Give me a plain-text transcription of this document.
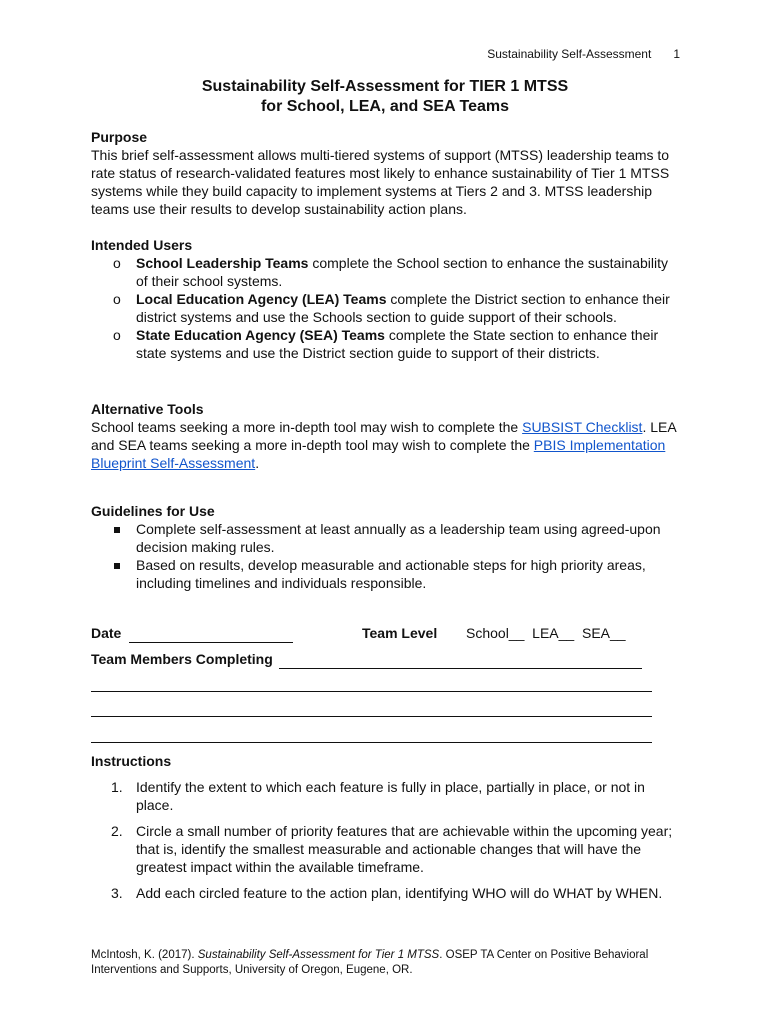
Sustainability Self-Assessment 1
Sustainability Self-Assessment for TIER 1 MTSS
for School, LEA, and SEA Teams
Purpose

This brief self-assessment allows multi-tiered systems of support (MTSS) leadership teams to rate status of research-validated features most likely to enhance sustainability of Tier 1 MTSS systems while they build capacity to implement systems at Tiers 2 and 3. MTSS leadership teams use their results to develop sustainability action plans.

Intended Users
o School Leadership Teams complete the School section to enhance the sustainability of their school systems.
o Local Education Agency (LEA) Teams complete the District section to enhance their district systems and use the Schools section to guide support of their schools.
o State Education Agency (SEA) Teams complete the State section to enhance their state systems and use the District section guide to support of their districts.
Alternative Tools

School teams seeking a more in-depth tool may wish to complete the SUBSIST Checklist. LEA and SEA teams seeking a more in-depth tool may wish to complete the PBIS Implementation Blueprint Self-Assessment.

Guidelines for Use
Complete self-assessment at least annually as a leadership team using agreed-upon decision making rules.
Based on results, develop measurable and actionable steps for high priority areas, including timelines and individuals responsible.
Date	Team Level School__ LEA__ SEA__
Team Members Completing
Instructions
1. Identify the extent to which each feature is fully in place, partially in place, or not in place.
2. Circle a small number of priority features that are achievable within the upcoming year; that is, identify the smallest measurable and actionable changes that will have the greatest impact within the available timeframe.
3. Add each circled feature to the action plan, identifying WHO will do WHAT by WHEN.
McIntosh, K. (2017). Sustainability Self-Assessment for Tier 1 MTSS. OSEP TA Center on Positive Behavioral Interventions and Supports, University of Oregon, Eugene, OR.
